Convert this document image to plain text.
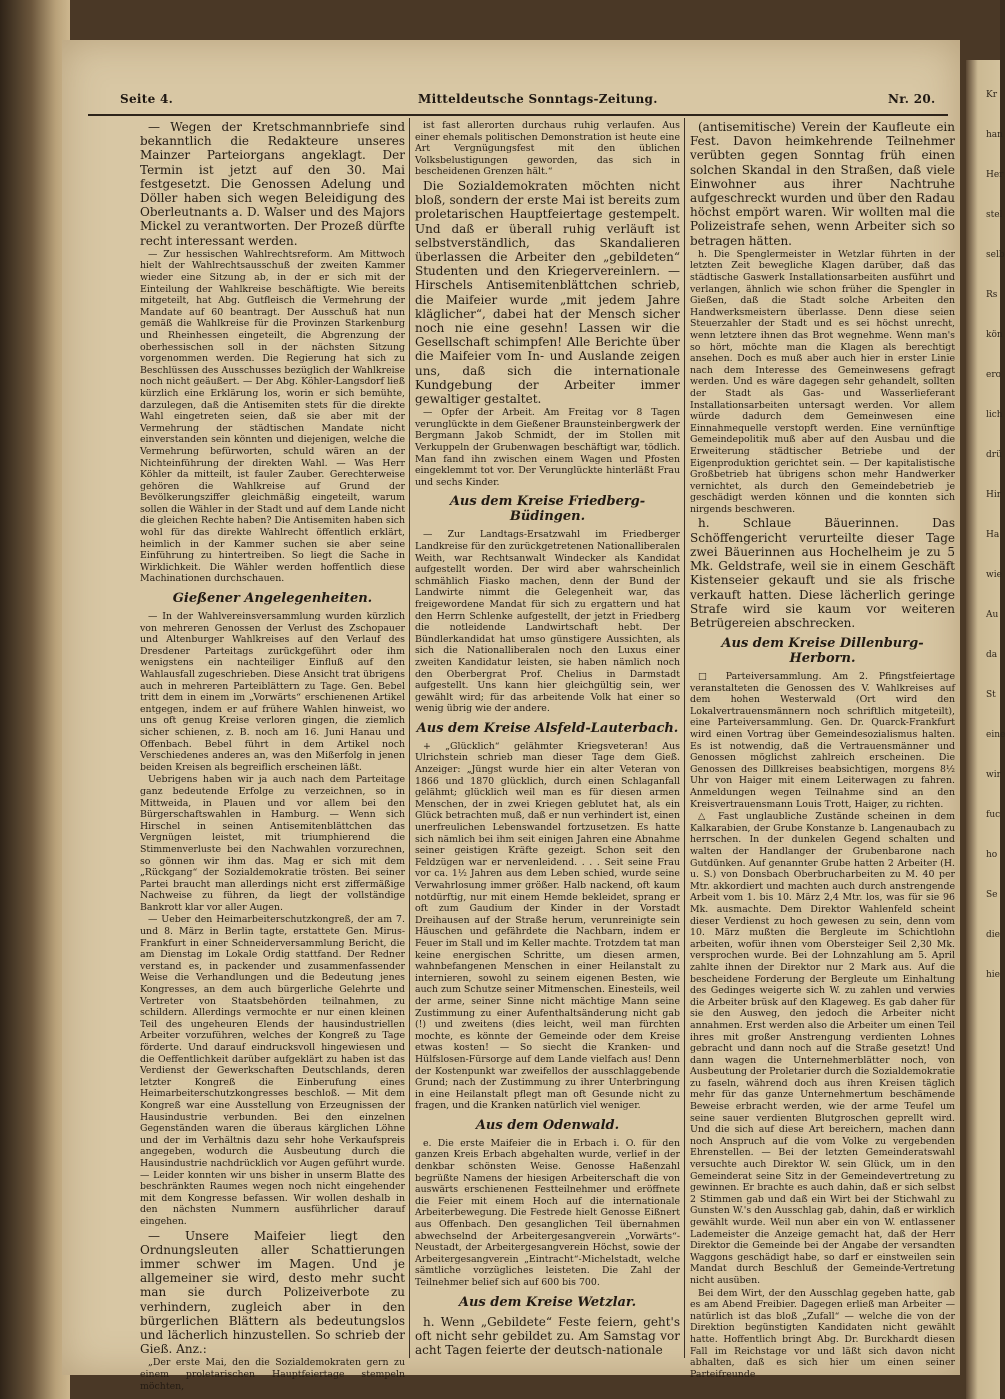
Kr
han
Her
stel
selb
Rs
kön
ero
lich
drü
Hir
Ha
wie
Au
da
St
eine
wir
fuc
ho
Se
die
hie
Seite 4.	Mitteldeutsche Sonntags-Zeitung.	Nr. 20.

— Wegen der Kretschmannbriefe sind bekanntlich die Redakteure unseres Mainzer Parteiorgans angeklagt. Der Termin ist jetzt auf den 30. Mai festgesetzt. Die Genossen Adelung und Döller haben sich wegen Beleidigung des Oberleutnants a. D. Walser und des Majors Mickel zu verantworten. Der Prozeß dürfte recht interessant werden.

— Zur hessischen Wahlrechtsreform. Am Mittwoch hielt der Wahlrechtsausschuß der zweiten Kammer wieder eine Sitzung ab, in der er sich mit der Einteilung der Wahlkreise beschäftigte. Wie bereits mitgeteilt, hat Abg. Gutfleisch die Vermehrung der Mandate auf 60 beantragt. Der Ausschuß hat nun gemäß die Wahlkreise für die Provinzen Starkenburg und Rheinhessen eingeteilt, die Abgrenzung der oberhessischen soll in der nächsten Sitzung vorgenommen werden. Die Regierung hat sich zu Beschlüssen des Ausschusses bezüglich der Wahlkreise noch nicht geäußert. — Der Abg. Köhler-Langsdorf ließ kürzlich eine Erklärung los, worin er sich bemühte, darzulegen, daß die Antisemiten stets für die direkte Wahl eingetreten seien, daß sie aber mit der Vermehrung der städtischen Mandate nicht einverstanden sein könnten und diejenigen, welche die Vermehrung befürworten, schuld wären an der Nichteinführung der direkten Wahl. — Was Herr Köhler da mitteilt, ist fauler Zauber. Gerechterweise gehören die Wahlkreise auf Grund der Bevölkerungsziffer gleichmäßig eingeteilt, warum sollen die Wähler in der Stadt und auf dem Lande nicht die gleichen Rechte haben? Die Antisemiten haben sich wohl für das direkte Wahlrecht öffentlich erklärt, heimlich in der Kammer suchen sie aber seine Einführung zu hintertreiben. So liegt die Sache in Wirklichkeit. Die Wähler werden hoffentlich diese Machinationen durchschauen.

Gießener Angelegenheiten.

— In der Wahlvereinsversammlung wurden kürzlich von mehreren Genossen der Verlust des Zschopauer und Altenburger Wahlkreises auf den Verlauf des Dresdener Parteitags zurückgeführt oder ihm wenigstens ein nachteiliger Einfluß auf den Wahlausfall zugeschrieben. Diese Ansicht trat übrigens auch in mehreren Parteiblättern zu Tage. Gen. Bebel tritt dem in einem im „Vorwärts“ erschienenen Artikel entgegen, indem er auf frühere Wahlen hinweist, wo uns oft genug Kreise verloren gingen, die ziemlich sicher schienen, z. B. noch am 16. Juni Hanau und Offenbach. Bebel führt in dem Artikel noch Verschiedenes anderes an, was den Mißerfolg in jenen beiden Kreisen als begreiflich erscheinen läßt.

Uebrigens haben wir ja auch nach dem Parteitage ganz bedeutende Erfolge zu verzeichnen, so in Mittweida, in Plauen und vor allem bei den Bürgerschaftswahlen in Hamburg. — Wenn sich Hirschel in seinen Antisemitenblättchen das Vergnügen leistet, mit triumphierend die Stimmenverluste bei den Nachwahlen vorzurechnen, so gönnen wir ihm das. Mag er sich mit dem „Rückgang“ der Sozialdemokratie trösten. Bei seiner Partei braucht man allerdings nicht erst ziffermäßige Nachweise zu führen, da liegt der vollständige Bankrott klar vor aller Augen.

— Ueber den Heimarbeiterschutzkongreß, der am 7. und 8. März in Berlin tagte, erstattete Gen. Mirus-Frankfurt in einer Schneiderversammlung Bericht, die am Dienstag im Lokale Ordig stattfand. Der Redner verstand es, in packender und zusammenfassender Weise die Verhandlungen und die Bedeutung jenes Kongresses, an dem auch bürgerliche Gelehrte und Vertreter von Staatsbehörden teilnahmen, zu schildern. Allerdings vermochte er nur einen kleinen Teil des ungeheuren Elends der hausindustriellen Arbeiter vorzuführen, welches der Kongreß zu Tage förderte. Und darauf eindrucksvoll hingewiesen und die Oeffentlichkeit darüber aufgeklärt zu haben ist das Verdienst der Gewerkschaften Deutschlands, deren letzter Kongreß die Einberufung eines Heimarbeiterschutzkongresses beschloß. — Mit dem Kongreß war eine Ausstellung von Erzeugnissen der Hausindustrie verbunden. Bei den einzelnen Gegenständen waren die überaus kärglichen Löhne und der im Verhältnis dazu sehr hohe Verkaufspreis angegeben, wodurch die Ausbeutung durch die Hausindustrie nachdrücklich vor Augen geführt wurde. — Leider konnten wir uns bisher in unserm Blatte des beschränkten Raumes wegen noch nicht eingehender mit dem Kongresse befassen. Wir wollen deshalb in den nächsten Nummern ausführlicher darauf eingehen.

— Unsere Maifeier liegt den Ordnungsleuten aller Schattierungen immer schwer im Magen. Und je allgemeiner sie wird, desto mehr sucht man sie durch Polizeiverbote zu verhindern, zugleich aber in den bürgerlichen Blättern als bedeutungslos und lächerlich hinzustellen. So schrieb der Gieß. Anz.:

„Der erste Mai, den die Sozialdemokraten gern zu einem proletarischen Hauptfeiertage stempeln möchten,

ist fast allerorten durchaus ruhig verlaufen. Aus einer ehemals politischen Demonstration ist heute eine Art Vergnügungsfest mit den üblichen Volksbelustigungen geworden, das sich in bescheidenen Grenzen hält.“

Die Sozialdemokraten möchten nicht bloß, sondern der erste Mai ist bereits zum proletarischen Hauptfeiertage gestempelt. Und daß er überall ruhig verläuft ist selbstverständlich, das Skandalieren überlassen die Arbeiter den „gebildeten“ Studenten und den Kriegervereinlern. — Hirschels Antisemitenblättchen schrieb, die Maifeier wurde „mit jedem Jahre kläglicher“, dabei hat der Mensch sicher noch nie eine gesehn! Lassen wir die Gesellschaft schimpfen! Alle Berichte über die Maifeier vom In- und Auslande zeigen uns, daß sich die internationale Kundgebung der Arbeiter immer gewaltiger gestaltet.

— Opfer der Arbeit. Am Freitag vor 8 Tagen verunglückte in dem Gießener Braunsteinbergwerk der Bergmann Jakob Schmidt, der im Stollen mit Verkuppeln der Grubenwagen beschäftigt war, tödlich. Man fand ihn zwischen einem Wagen und Pfosten eingeklemmt tot vor. Der Verunglückte hinterläßt Frau und sechs Kinder.

Aus dem Kreise Friedberg-Büdingen.

— Zur Landtags-Ersatzwahl im Friedberger Landkreise für den zurückgetretenen Nationalliberalen Weith, war Rechtsanwalt Windecker als Kandidat aufgestellt worden. Der wird aber wahrscheinlich schmählich Fiasko machen, denn der Bund der Landwirte nimmt die Gelegenheit war, das freigewordene Mandat für sich zu ergattern und hat den Herrn Schlenke aufgestellt, der jetzt in Friedberg die notleidende Landwirtschaft hebt. Der Bündlerkandidat hat umso günstigere Aussichten, als sich die Nationalliberalen noch den Luxus einer zweiten Kandidatur leisten, sie haben nämlich noch den Oberbergrat Prof. Chelius in Darmstadt aufgestellt. Uns kann hier gleichgültig sein, wer gewählt wird; für das arbeitende Volk hat einer so wenig übrig wie der andere.

Aus dem Kreise Alsfeld-Lauterbach.

+ „Glücklich“ gelähmter Kriegsveteran! Aus Ulrichstein schrieb man dieser Tage dem Gieß. Anzeiger: „Jüngst wurde hier ein alter Veteran von 1866 und 1870 glücklich, durch einen Schlaganfall gelähmt; glücklich weil man es für diesen armen Menschen, der in zwei Kriegen geblutet hat, als ein Glück betrachten muß, daß er nun verhindert ist, einen unerfreulichen Lebenswandel fortzusetzen. Es hatte sich nämlich bei ihm seit einigen Jahren eine Abnahme seiner geistigen Kräfte gezeigt. Schon seit den Feldzügen war er nervenleidend. . . . Seit seine Frau vor ca. 1½ Jahren aus dem Leben schied, wurde seine Verwahrlosung immer größer. Halb nackend, oft kaum notdürftig, nur mit einem Hemde bekleidet, sprang er oft zum Gaudium der Kinder in der Vorstadt Dreihausen auf der Straße herum, verunreinigte sein Häuschen und gefährdete die Nachbarn, indem er Feuer im Stall und im Keller machte. Trotzdem tat man keine energischen Schritte, um diesen armen, wahnbefangenen Menschen in einer Heilanstalt zu internieren, sowohl zu seinem eigenen Besten, wie auch zum Schutze seiner Mitmenschen. Einesteils, weil der arme, seiner Sinne nicht mächtige Mann seine Zustimmung zu einer Aufenthaltsänderung nicht gab (!) und zweitens (dies leicht, weil man fürchten mochte, es könnte der Gemeinde oder dem Kreise etwas kosten! — So siecht die Kranken- und Hülfslosen-Fürsorge auf dem Lande vielfach aus! Denn der Kostenpunkt war zweifellos der ausschlaggebende Grund; nach der Zustimmung zu ihrer Unterbringung in eine Heilanstalt pflegt man oft Gesunde nicht zu fragen, und die Kranken natürlich viel weniger.

Aus dem Odenwald.

e. Die erste Maifeier die in Erbach i. O. für den ganzen Kreis Erbach abgehalten wurde, verlief in der denkbar schönsten Weise. Genosse Haßenzahl begrüßte Namens der hiesigen Arbeiterschaft die von auswärts erschienenen Festteilnehmer und eröffnete die Feier mit einem Hoch auf die internationale Arbeiterbewegung. Die Festrede hielt Genosse Eißnert aus Offenbach. Den gesanglichen Teil übernahmen abwechselnd der Arbeitergesangverein „Vorwärts“-Neustadt, der Arbeitergesangverein Höchst, sowie der Arbeitergesangverein „Eintracht“-Michelstadt, welche sämtliche vorzügliches leisteten. Die Zahl der Teilnehmer belief sich auf 600 bis 700.

Aus dem Kreise Wetzlar.

h. Wenn „Gebildete“ Feste feiern, geht's oft nicht sehr gebildet zu. Am Samstag vor acht Tagen feierte der deutsch-nationale

(antisemitische) Verein der Kaufleute ein Fest. Davon heimkehrende Teilnehmer verübten gegen Sonntag früh einen solchen Skandal in den Straßen, daß viele Einwohner aus ihrer Nachtruhe aufgeschreckt wurden und über den Radau höchst empört waren. Wir wollten mal die Polizeistrafe sehen, wenn Arbeiter sich so betragen hätten.

h. Die Spenglermeister in Wetzlar führten in der letzten Zeit bewegliche Klagen darüber, daß das städtische Gaswerk Installationsarbeiten ausführt und verlangen, ähnlich wie schon früher die Spengler in Gießen, daß die Stadt solche Arbeiten den Handwerksmeistern überlasse. Denn diese seien Steuerzahler der Stadt und es sei höchst unrecht, wenn letztere ihnen das Brot wegnehme. Wenn man's so hört, möchte man die Klagen als berechtigt ansehen. Doch es muß aber auch hier in erster Linie nach dem Interesse des Gemeinwesens gefragt werden. Und es wäre dagegen sehr gehandelt, sollten der Stadt als Gas- und Wasserlieferant Installationsarbeiten untersagt werden. Vor allem würde dadurch dem Gemeinwesen eine Einnahmequelle verstopft werden. Eine vernünftige Gemeindepolitik muß aber auf den Ausbau und die Erweiterung städtischer Betriebe und der Eigenproduktion gerichtet sein. — Der kapitalistische Großbetrieb hat übrigens schon mehr Handwerker vernichtet, als durch den Gemeindebetrieb je geschädigt werden können und die konnten sich nirgends beschweren.

h. Schlaue Bäuerinnen. Das Schöffengericht verurteilte dieser Tage zwei Bäuerinnen aus Hochelheim je zu 5 Mk. Geldstrafe, weil sie in einem Geschäft Kistenseier gekauft und sie als frische verkauft hatten. Diese lächerlich geringe Strafe wird sie kaum vor weiteren Betrügereien abschrecken.

Aus dem Kreise Dillenburg-Herborn.

□ Parteiversammlung. Am 2. Pfingstfeiertage veranstalteten die Genossen des V. Wahlkreises auf dem hohen Westerwald (Ort wird den Lokalvertrauensmännern noch schriftlich mitgeteilt), eine Parteiversammlung. Gen. Dr. Quarck-Frankfurt wird einen Vortrag über Gemeindesozialismus halten. Es ist notwendig, daß die Vertrauensmänner und Genossen möglichst zahlreich erscheinen. Die Genossen des Dillkreises beabsichtigen, morgens 8½ Uhr von Haiger mit einem Leiterwagen zu fahren. Anmeldungen wegen Teilnahme sind an den Kreisvertrauensmann Louis Trott, Haiger, zu richten.

△ Fast unglaubliche Zustände scheinen in dem Kalkarabien, der Grube Konstanze b. Langenaubach zu herrschen. In der dunkelen Gegend schalten und walten der Handlanger der Grubenbarone nach Gutdünken. Auf genannter Grube hatten 2 Arbeiter (H. u. S.) von Donsbach Oberbrucharbeiten zu M. 40 per Mtr. akkordiert und machten auch durch anstrengende Arbeit vom 1. bis 10. März 2,4 Mtr. los, was für sie 96 Mk. ausmachte. Dem Direktor Wahlenfeld scheint dieser Verdienst zu hoch gewesen zu sein, denn vom 10. März mußten die Bergleute im Schichtlohn arbeiten, wofür ihnen vom Obersteiger Seil 2,30 Mk. versprochen wurde. Bei der Lohnzahlung am 5. April zahlte ihnen der Direktor nur 2 Mark aus. Auf die bescheidene Forderung der Bergleute um Einhaltung des Gedinges weigerte sich W. zu zahlen und verwies die Arbeiter brüsk auf den Klageweg. Es gab daher für sie den Ausweg, den jedoch die Arbeiter nicht annahmen. Erst werden also die Arbeiter um einen Teil ihres mit großer Anstrengung verdienten Lohnes gebracht und dann noch auf die Straße gesetzt! Und dann wagen die Unternehmerblätter noch, von Ausbeutung der Proletarier durch die Sozialdemokratie zu faseln, während doch aus ihren Kreisen täglich mehr für das ganze Unternehmertum beschämende Beweise erbracht werden, wie der arme Teufel um seine sauer verdienten Blutgroschen geprellt wird. Und die sich auf diese Art bereichern, machen dann noch Anspruch auf die vom Volke zu vergebenden Ehrenstellen. — Bei der letzten Gemeinderatswahl versuchte auch Direktor W. sein Glück, um in den Gemeinderat seine Sitz in der Gemeindevertretung zu gewinnen. Er brachte es auch dahin, daß er sich selbst 2 Stimmen gab und daß ein Wirt bei der Stichwahl zu Gunsten W.'s den Ausschlag gab, dahin, daß er wirklich gewählt wurde. Weil nun aber ein von W. entlassener Lademeister die Anzeige gemacht hat, daß der Herr Direktor die Gemeinde bei der Angabe der versandten Waggons geschädigt habe, so darf er einstweilen sein Mandat durch Beschluß der Gemeinde-Vertretung nicht ausüben.

Bei dem Wirt, der den Ausschlag gegeben hatte, gab es am Abend Freibier. Dagegen erließ man Arbeiter — natürlich ist das bloß „Zufall“ — welche die von der Direktion begünstigten Kandidaten nicht gewählt hatte. Hoffentlich bringt Abg. Dr. Burckhardt diesen Fall im Reichstage vor und läßt sich davon nicht abhalten, daß es sich hier um einen seiner Parteifreunde
